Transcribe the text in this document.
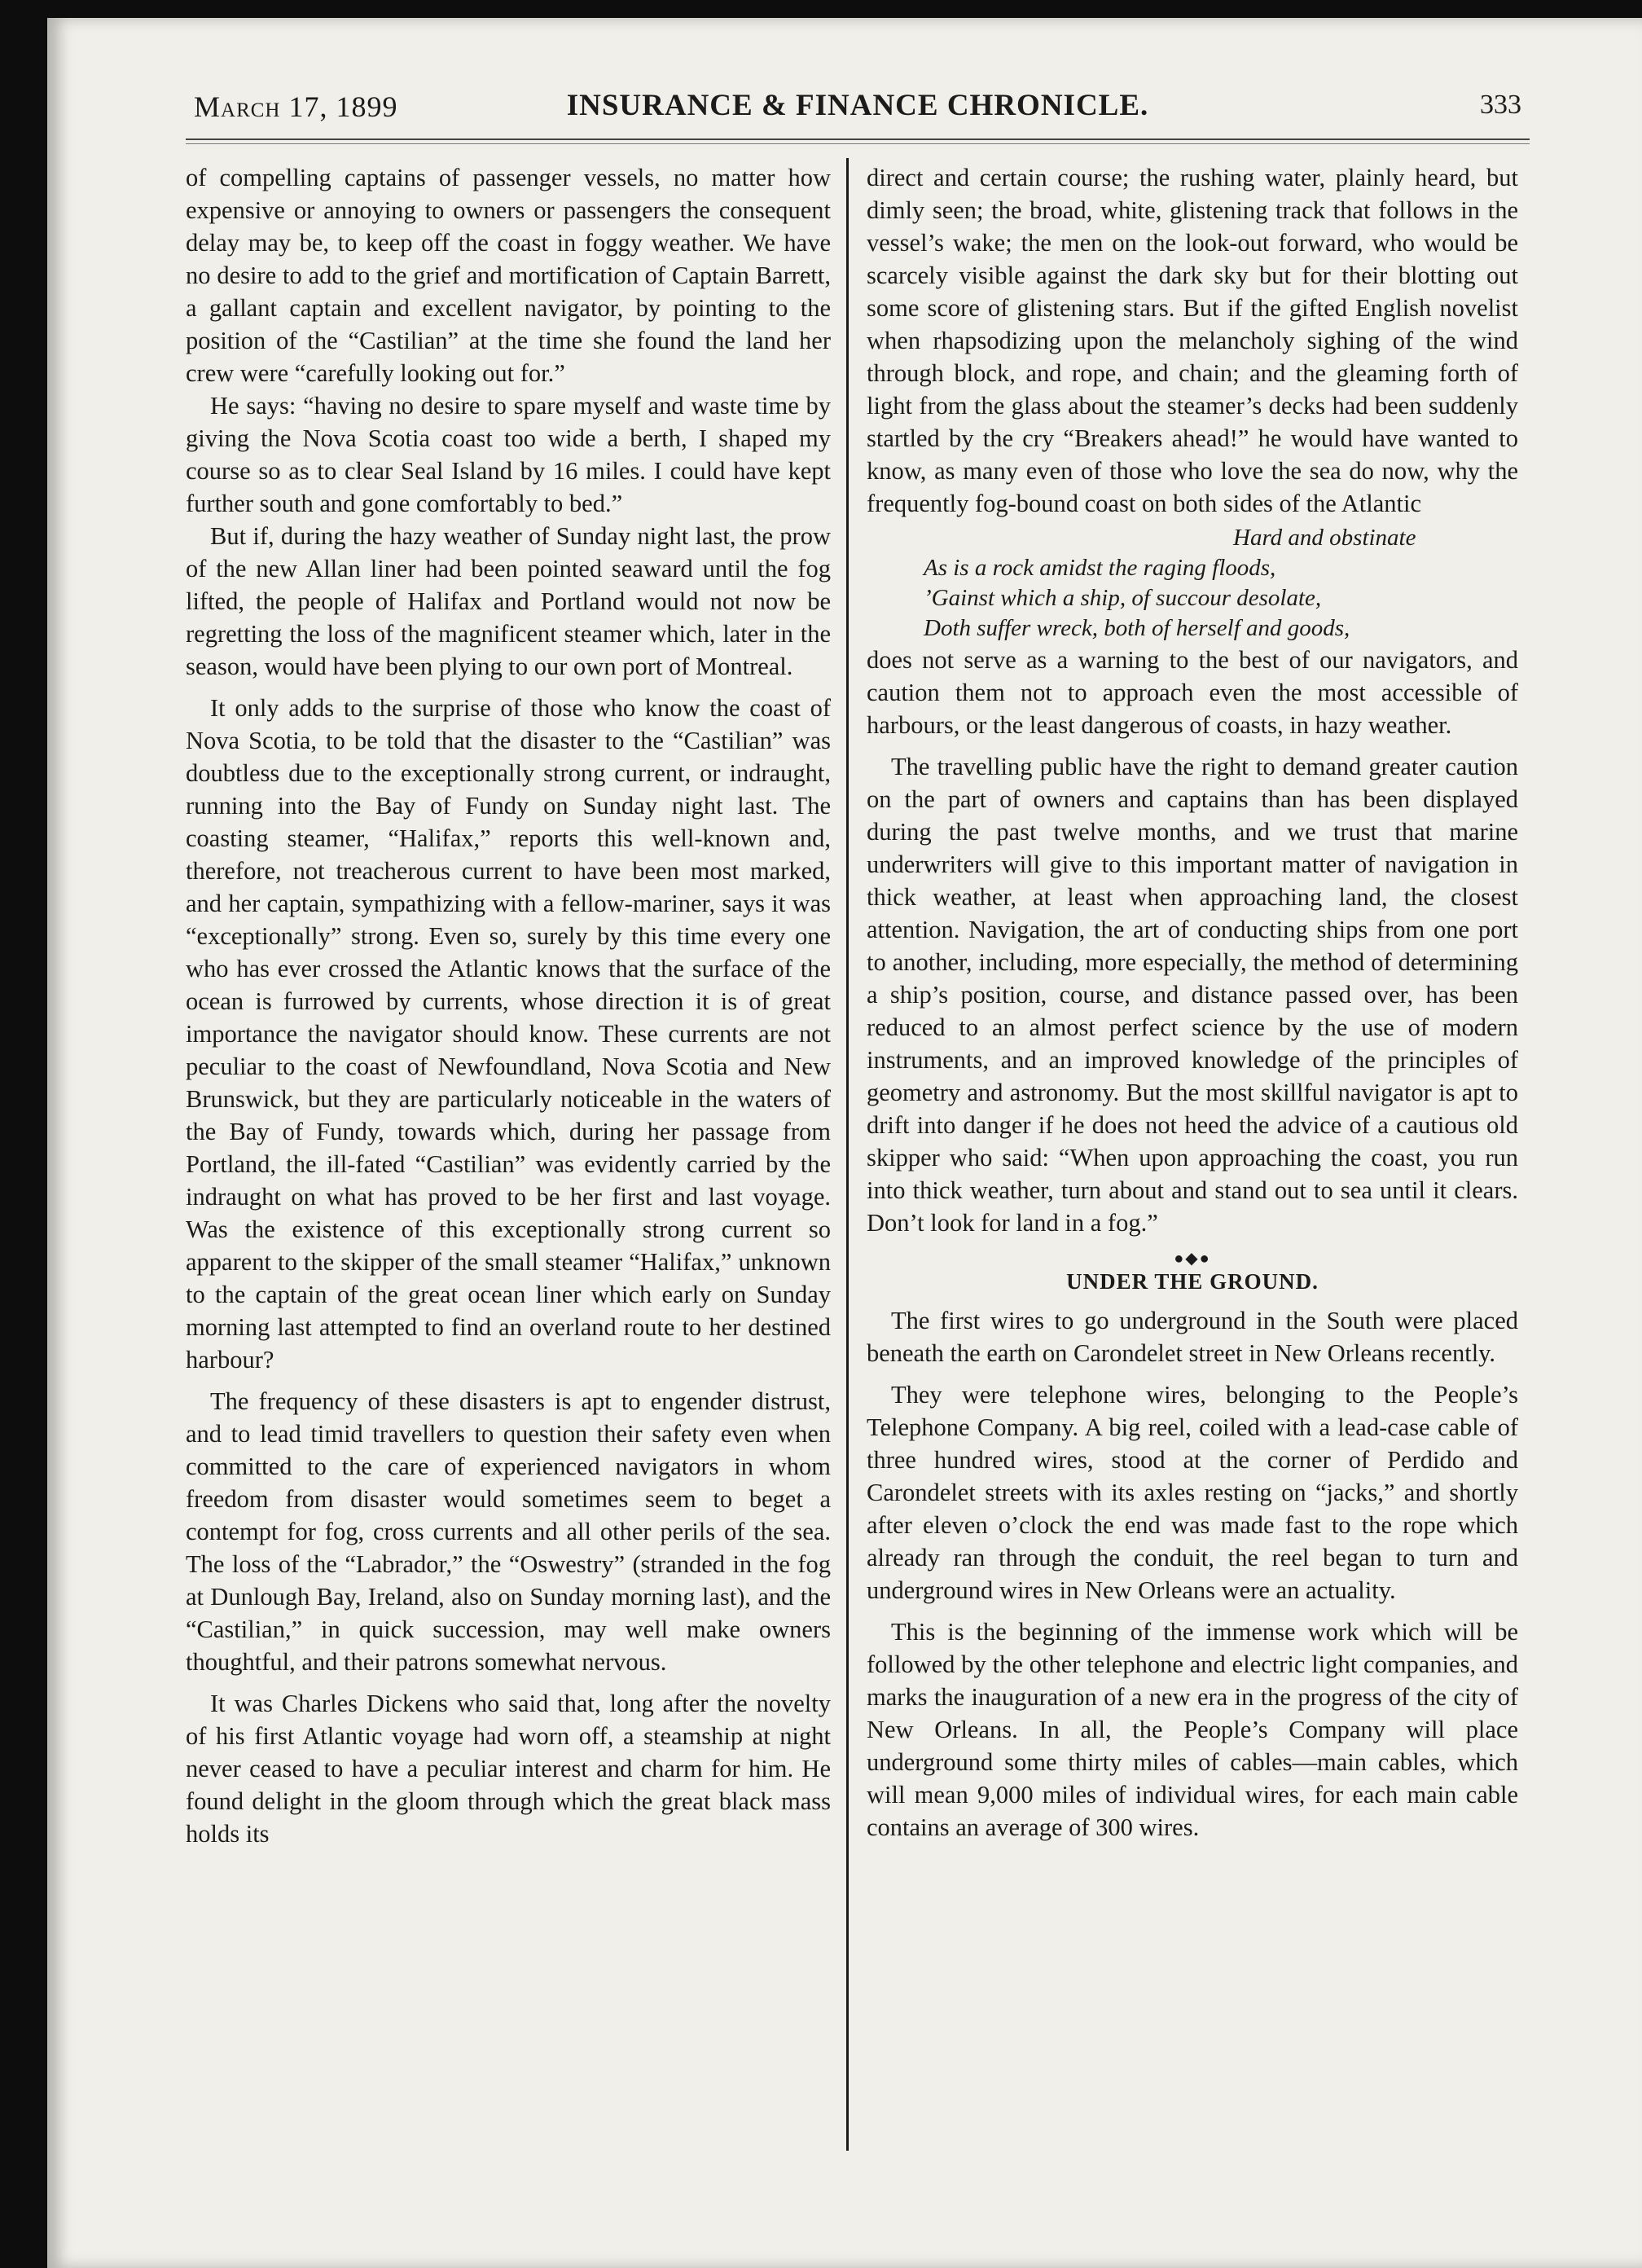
March 17, 1899	INSURANCE & FINANCE CHRONICLE.	333

of compelling captains of passenger vessels, no matter how expensive or annoying to owners or passengers the consequent delay may be, to keep off the coast in foggy weather. We have no desire to add to the grief and mortification of Captain Barrett, a gallant captain and excellent navigator, by pointing to the position of the “Castilian” at the time she found the land her crew were “carefully looking out for.”

He says: “having no desire to spare myself and waste time by giving the Nova Scotia coast too wide a berth, I shaped my course so as to clear Seal Island by 16 miles. I could have kept further south and gone comfortably to bed.”

But if, during the hazy weather of Sunday night last, the prow of the new Allan liner had been pointed seaward until the fog lifted, the people of Halifax and Portland would not now be regretting the loss of the magnificent steamer which, later in the season, would have been plying to our own port of Montreal.

It only adds to the surprise of those who know the coast of Nova Scotia, to be told that the disaster to the “Castilian” was doubtless due to the exceptionally strong current, or indraught, running into the Bay of Fundy on Sunday night last. The coasting steamer, “Halifax,” reports this well-known and, therefore, not treacherous current to have been most marked, and her captain, sympathizing with a fellow-mariner, says it was “exceptionally” strong. Even so, surely by this time every one who has ever crossed the Atlantic knows that the surface of the ocean is furrowed by currents, whose direction it is of great importance the navigator should know. These currents are not peculiar to the coast of Newfoundland, Nova Scotia and New Brunswick, but they are particularly noticeable in the waters of the Bay of Fundy, towards which, during her passage from Portland, the ill-fated “Castilian” was evidently carried by the indraught on what has proved to be her first and last voyage. Was the existence of this exceptionally strong current so apparent to the skipper of the small steamer “Halifax,” unknown to the captain of the great ocean liner which early on Sunday morning last attempted to find an overland route to her destined harbour?

The frequency of these disasters is apt to engender distrust, and to lead timid travellers to question their safety even when committed to the care of experienced navigators in whom freedom from disaster would sometimes seem to beget a contempt for fog, cross currents and all other perils of the sea. The loss of the “Labrador,” the “Oswestry” (stranded in the fog at Dunlough Bay, Ireland, also on Sunday morning last), and the “Castilian,” in quick succession, may well make owners thoughtful, and their patrons somewhat nervous.

It was Charles Dickens who said that, long after the novelty of his first Atlantic voyage had worn off, a steamship at night never ceased to have a peculiar interest and charm for him. He found delight in the gloom through which the great black mass holds its

direct and certain course; the rushing water, plainly heard, but dimly seen; the broad, white, glistening track that follows in the vessel’s wake; the men on the look-out forward, who would be scarcely visible against the dark sky but for their blotting out some score of glistening stars. But if the gifted English novelist when rhapsodizing upon the melancholy sighing of the wind through block, and rope, and chain; and the gleaming forth of light from the glass about the steamer’s decks had been suddenly startled by the cry “Breakers ahead!” he would have wanted to know, as many even of those who love the sea do now, why the frequently fog-bound coast on both sides of the Atlantic

Hard and obstinate
As is a rock amidst the raging floods,
’Gainst which a ship, of succour desolate,
Doth suffer wreck, both of herself and goods,

does not serve as a warning to the best of our navigators, and caution them not to approach even the most accessible of harbours, or the least dangerous of coasts, in hazy weather.

The travelling public have the right to demand greater caution on the part of owners and captains than has been displayed during the past twelve months, and we trust that marine underwriters will give to this important matter of navigation in thick weather, at least when approaching land, the closest attention. Navigation, the art of conducting ships from one port to another, including, more especially, the method of determining a ship’s position, course, and distance passed over, has been reduced to an almost perfect science by the use of modern instruments, and an improved knowledge of the principles of geometry and astronomy. But the most skillful navigator is apt to drift into danger if he does not heed the advice of a cautious old skipper who said: “When upon approaching the coast, you run into thick weather, turn about and stand out to sea until it clears. Don’t look for land in a fog.”

●◆●
UNDER THE GROUND.

The first wires to go underground in the South were placed beneath the earth on Carondelet street in New Orleans recently.

They were telephone wires, belonging to the People’s Telephone Company. A big reel, coiled with a lead-case cable of three hundred wires, stood at the corner of Perdido and Carondelet streets with its axles resting on “jacks,” and shortly after eleven o’clock the end was made fast to the rope which already ran through the conduit, the reel began to turn and underground wires in New Orleans were an actuality.

This is the beginning of the immense work which will be followed by the other telephone and electric light companies, and marks the inauguration of a new era in the progress of the city of New Orleans. In all, the People’s Company will place underground some thirty miles of cables—main cables, which will mean 9,000 miles of individual wires, for each main cable contains an average of 300 wires.
